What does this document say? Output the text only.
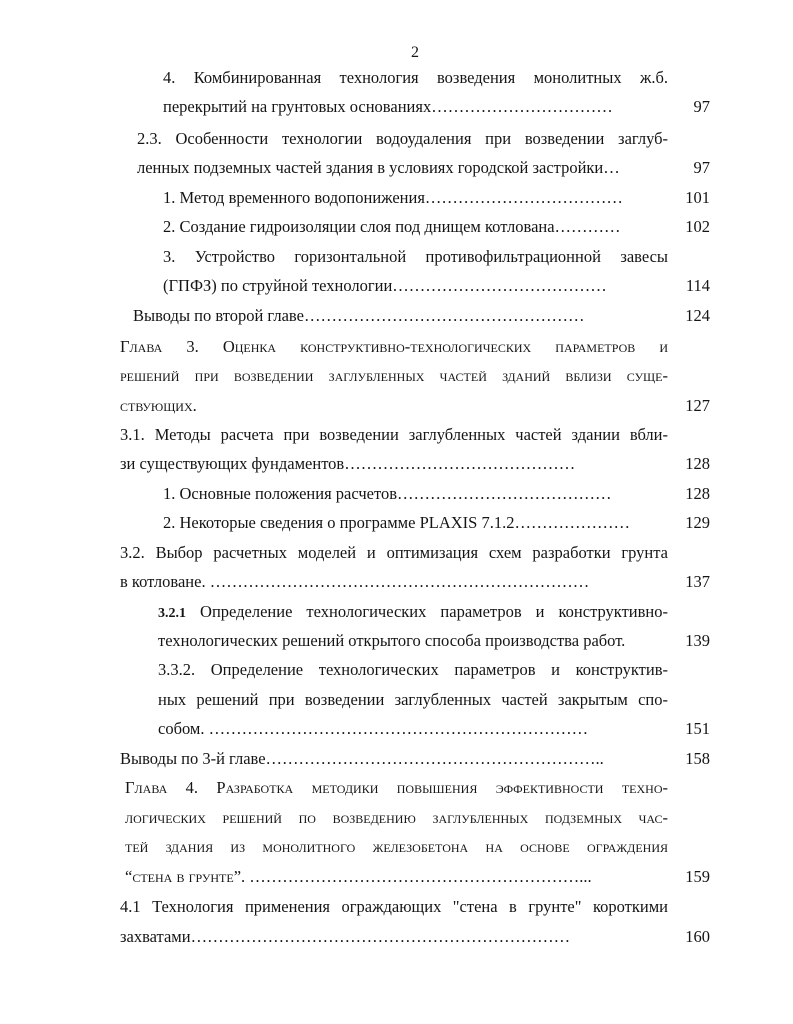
2
4. Комбинированная технология возведения монолитных ж.б.
перекрытий на грунтовых основаниях……………………………	97
2.3. Особенности технологии водоудаления при возведении заглуб-
ленных подземных частей здания в условиях городской застройки…	97
1. Метод временного водопонижения………………………………	101
2. Создание гидроизоляции слоя под днищем котлована…………	102
3. Устройство горизонтальной противофильтрационной завесы
(ГПФЗ) по струйной технологии…………………………………	114
Выводы по второй главе……………………………………………	124
Глава 3. Оценка конструктивно-технологических параметров и
решений при возведении заглубленных частей зданий вблизи суще-
ствующих.	127
3.1. Методы расчета при возведении заглубленных частей здании вбли-
зи существующих фундаментов……………………………………	128
1. Основные положения расчетов…………………………………	128
2. Некоторые сведения о программе PLAXIS 7.1.2…………………	129
3.2. Выбор расчетных моделей и оптимизация схем разработки грунта
в котловане. ……………………………………………………………	137
3.2.1 Определение технологических параметров и конструктивно-
технологических решений открытого способа производства работ.	139
3.3.2. Определение технологических параметров и конструктив-
ных решений при возведении заглубленных частей закрытым спо-
собом. ……………………………………………………………	151
Выводы по 3-й главе……………………………………………………..	158
Глава 4. Разработка методики повышения эффективности техно-
логических решений по возведению заглубленных подземных час-
тей здания из монолитного железобетона на основе ограждения
“стена в грунте”. ……………………………………………………...	159
4.1 Технология применения ограждающих "стена в грунте" короткими
захватами……………………………………………………………	160
